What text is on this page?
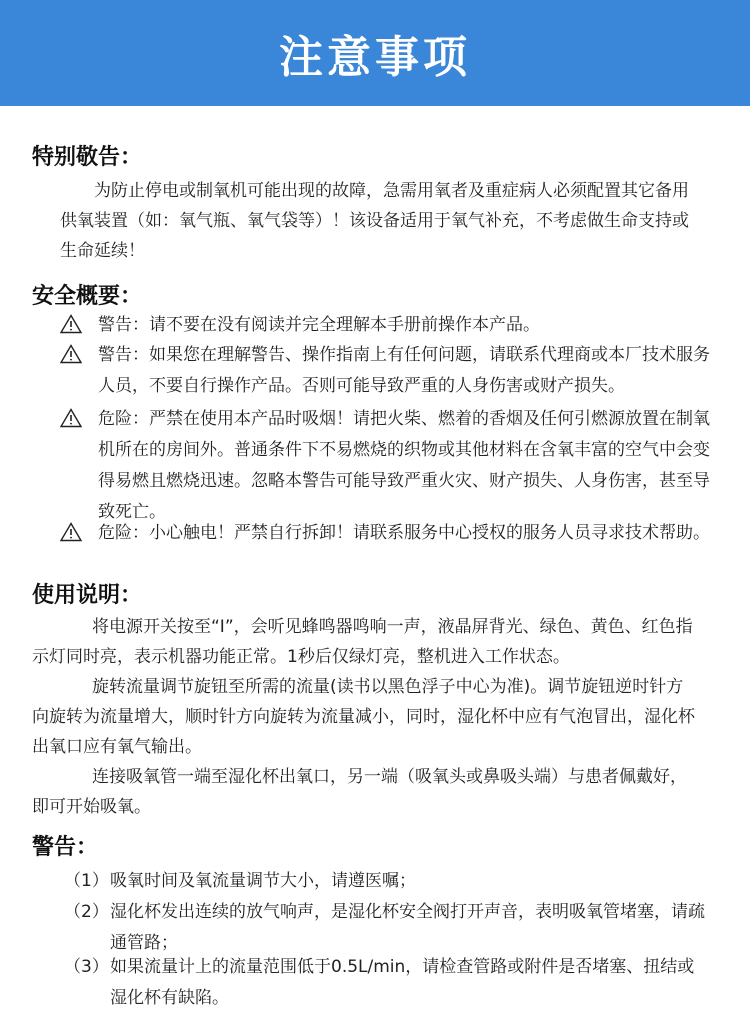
注意事项
特别敬告：
为防止停电或制氧机可能出现的故障，急需用氧者及重症病人必须配置其它备用供氧装置（如：氧气瓶、氧气袋等）！该设备适用于氧气补充，不考虑做生命支持或生命延续！
安全概要：
警告：请不要在没有阅读并完全理解本手册前操作本产品。
警告：如果您在理解警告、操作指南上有任何问题，请联系代理商或本厂技术服务人员，不要自行操作产品。否则可能导致严重的人身伤害或财产损失。
危险：严禁在使用本产品时吸烟！请把火柴、燃着的香烟及任何引燃源放置在制氧机所在的房间外。普通条件下不易燃烧的织物或其他材料在含氧丰富的空气中会变得易燃且燃烧迅速。忽略本警告可能导致严重火灾、财产损失、人身伤害，甚至导致死亡。
危险：小心触电！严禁自行拆卸！请联系服务中心授权的服务人员寻求技术帮助。
使用说明：
将电源开关按至“I”，会听见蜂鸣器鸣响一声，液晶屏背光、绿色、黄色、红色指示灯同时亮，表示机器功能正常。1秒后仅绿灯亮，整机进入工作状态。
旋转流量调节旋钮至所需的流量(读书以黑色浮子中心为准)。调节旋钮逆时针方向旋转为流量增大，顺时针方向旋转为流量减小，同时，湿化杯中应有气泡冒出，湿化杯出氧口应有氧气输出。
连接吸氧管一端至湿化杯出氧口，另一端（吸氧头或鼻吸头端）与患者佩戴好，即可开始吸氧。
警告：
（1） 吸氧时间及氧流量调节大小，请遵医嘱；
（2） 湿化杯发出连续的放气响声，是湿化杯安全阀打开声音，表明吸氧管堵塞，请疏通管路；
（3） 如果流量计上的流量范围低于0.5L/min，请检查管路或附件是否堵塞、扭结或湿化杯有缺陷。
